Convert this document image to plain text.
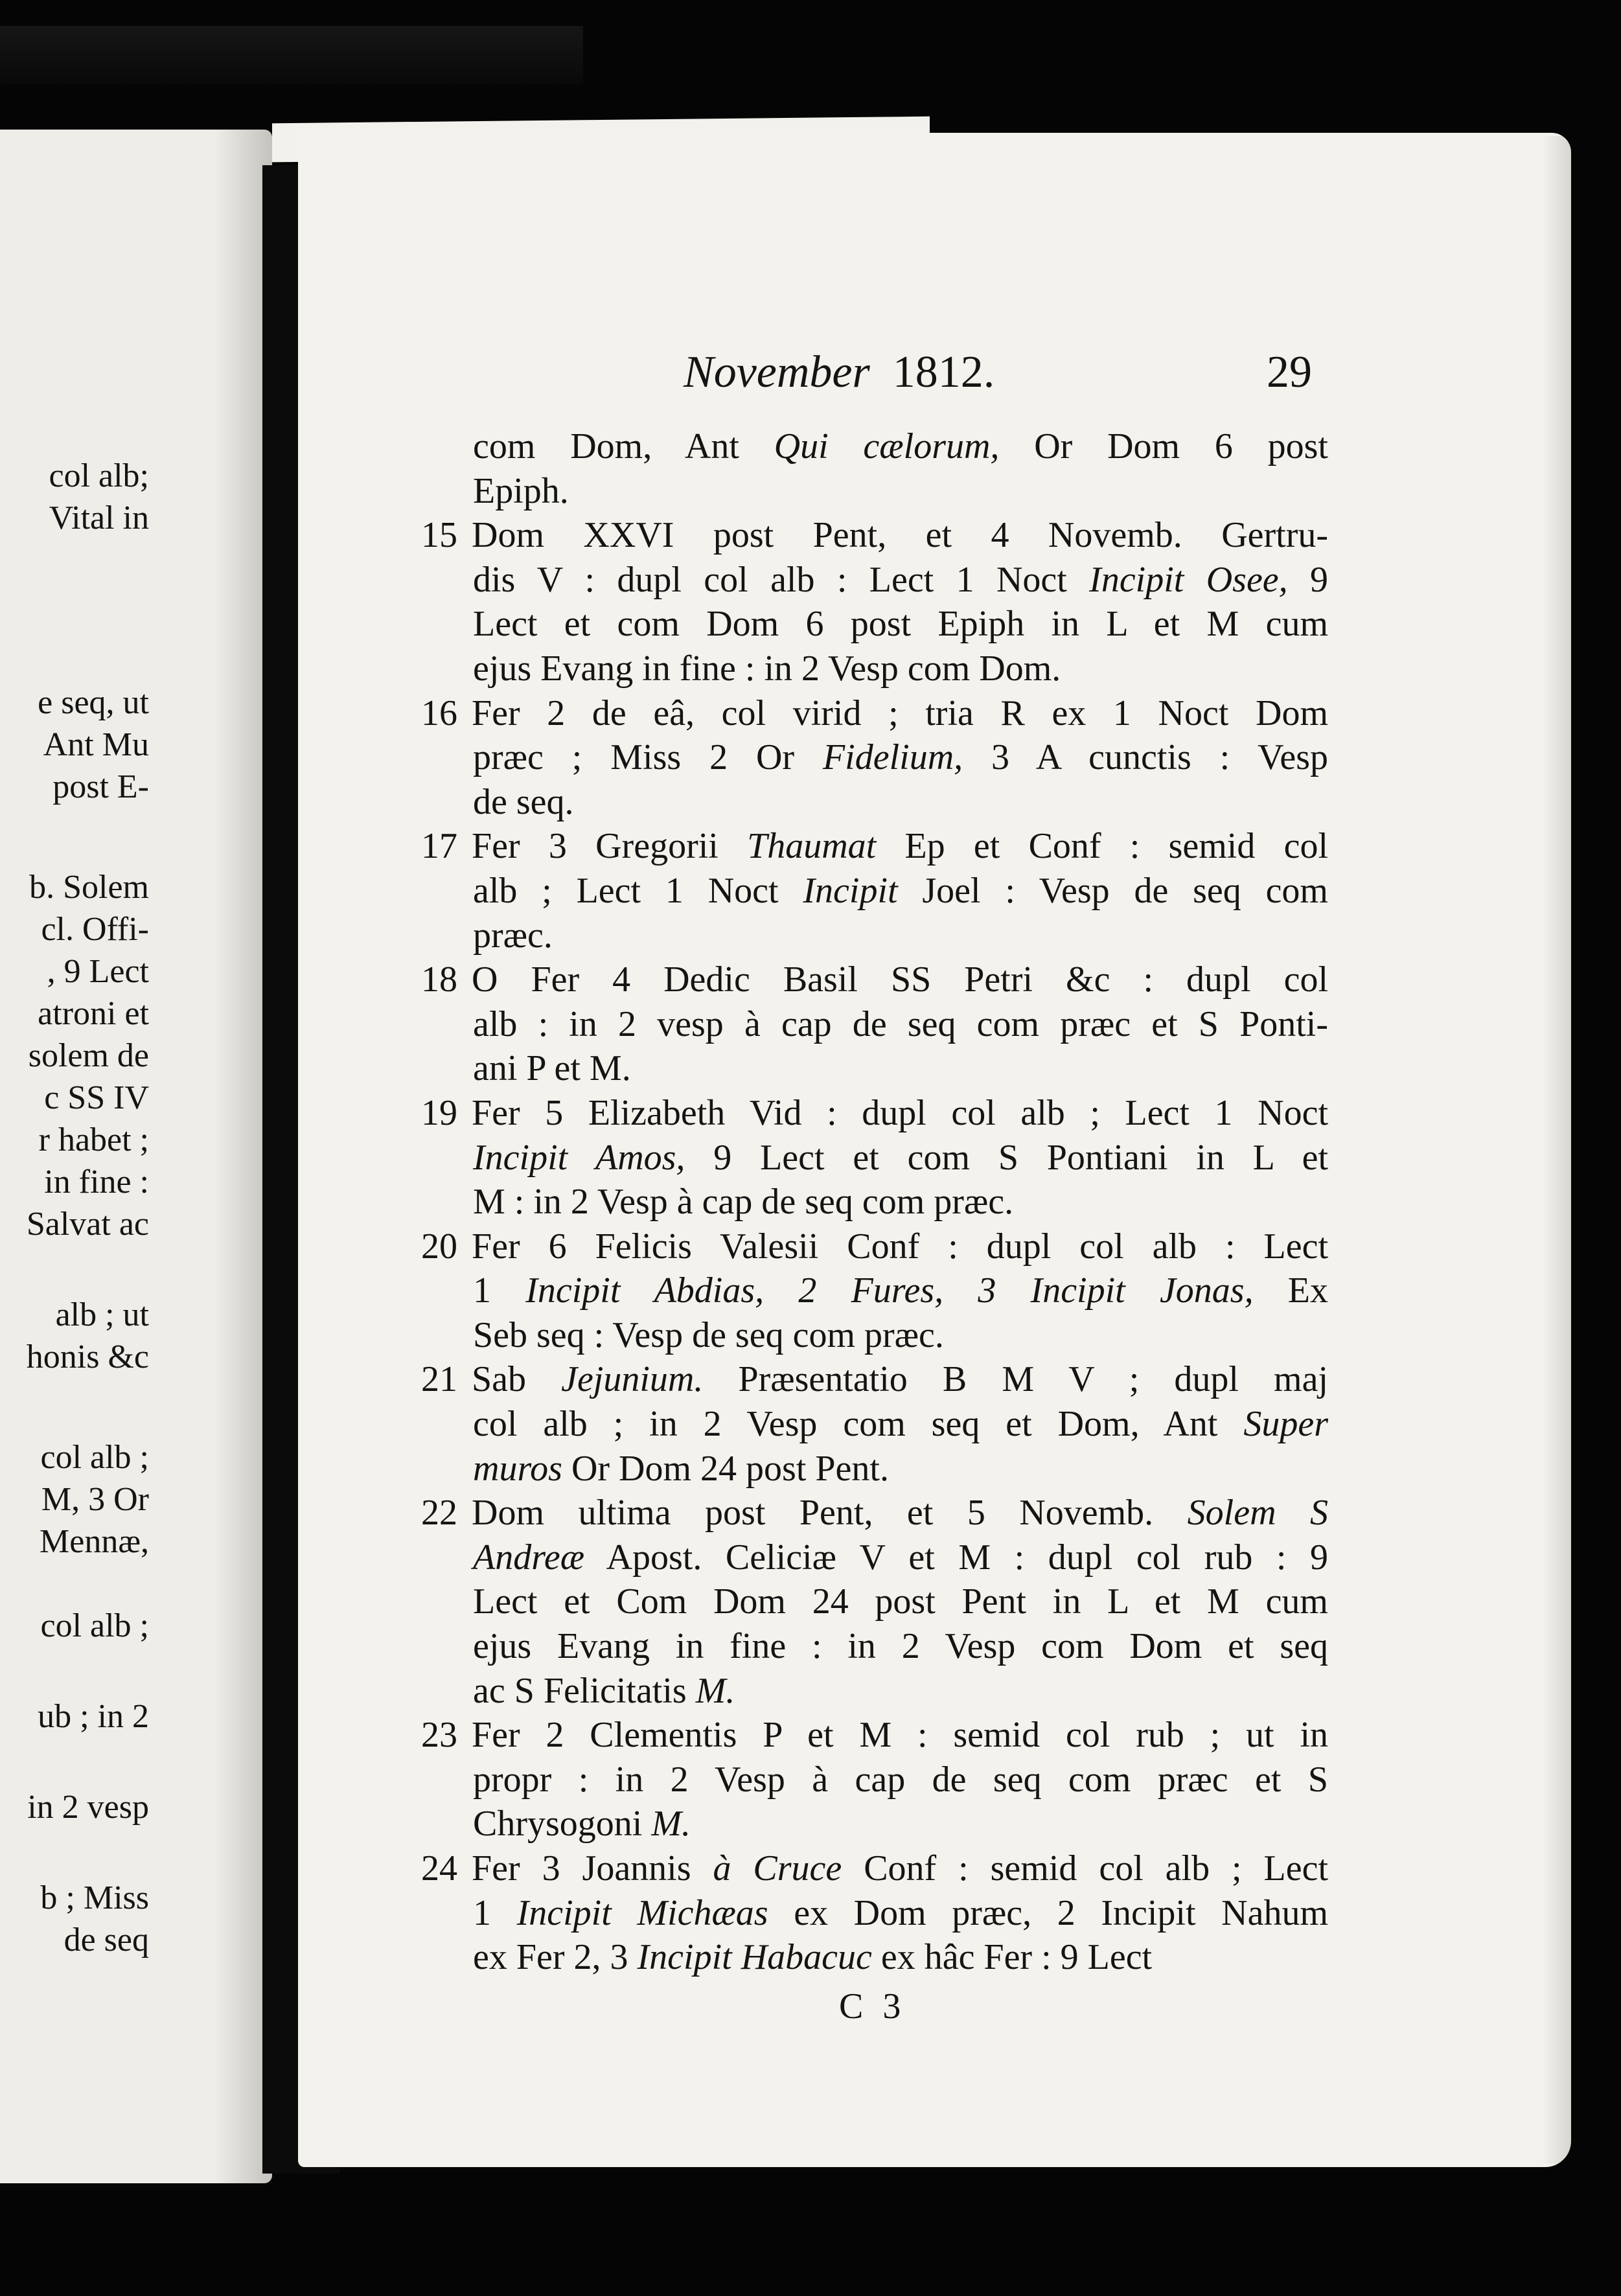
col alb;
Vital in
e seq, ut
Ant Mu
post E-
b. Solem
cl. Offi-
, 9 Lect
atroni et
solem de
c SS IV
r habet ;
in fine :
Salvat ac
alb ; ut
honis &c
col alb ;
M, 3 Or
Mennæ,
col alb ;
ub ; in 2
in 2 vesp
b ; Miss
de seq
November 1812.	29
com Dom, Ant Qui cælorum, Or Dom 6 post
Epiph.
15 Dom XXVI post Pent, et 4 Novemb. Gertru-
dis V : dupl col alb : Lect 1 Noct Incipit Osee, 9
Lect et com Dom 6 post Epiph in L et M cum
ejus Evang in fine : in 2 Vesp com Dom.
16 Fer 2 de eâ, col virid ; tria R ex 1 Noct Dom
præc ; Miss 2 Or Fidelium, 3 A cunctis : Vesp
de seq.
17 Fer 3 Gregorii Thaumat Ep et Conf : semid col
alb ; Lect 1 Noct Incipit Joel : Vesp de seq com
præc.
18 O Fer 4 Dedic Basil SS Petri &c : dupl col
alb : in 2 vesp à cap de seq com præc et S Ponti-
ani P et M.
19 Fer 5 Elizabeth Vid : dupl col alb ; Lect 1 Noct
Incipit Amos, 9 Lect et com S Pontiani in L et
M : in 2 Vesp à cap de seq com præc.
20 Fer 6 Felicis Valesii Conf : dupl col alb : Lect
1 Incipit Abdias, 2 Fures, 3 Incipit Jonas, Ex
Seb seq : Vesp de seq com præc.
21 Sab Jejunium. Præsentatio B M V ; dupl maj
col alb ; in 2 Vesp com seq et Dom, Ant Super
muros Or Dom 24 post Pent.
22 Dom ultima post Pent, et 5 Novemb. Solem S
Andreæ Apost. Celiciæ V et M : dupl col rub : 9
Lect et Com Dom 24 post Pent in L et M cum
ejus Evang in fine : in 2 Vesp com Dom et seq
ac S Felicitatis M.
23 Fer 2 Clementis P et M : semid col rub ; ut in
propr : in 2 Vesp à cap de seq com præc et S
Chrysogoni M.
24 Fer 3 Joannis à Cruce Conf : semid col alb ; Lect
1 Incipit Michæas ex Dom præc, 2 Incipit Nahum
ex Fer 2, 3 Incipit Habacuc ex hâc Fer : 9 Lect
C 3
